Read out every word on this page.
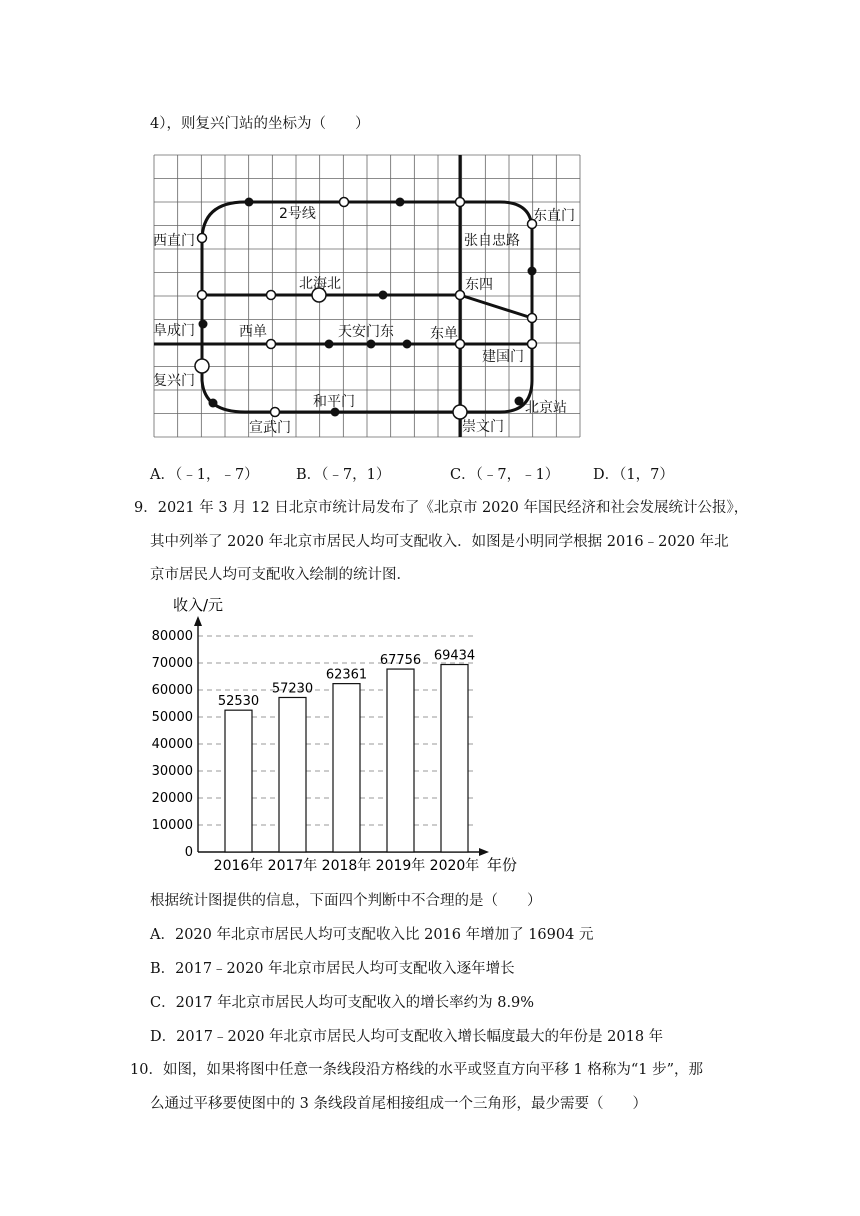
4），则复兴门站的坐标为（　　）
2号线
西直门
阜成门
复兴门
宣武门
和平门
西单
北海北
天安门东	东单
东四
张自忠路
东直门
建国门
北京站
崇文门
A．（﹣1，﹣7）	B．（﹣7，1）	C．（﹣7，﹣1） D．（1，7）
9．2021 年 3 月 12 日北京市统计局发布了《北京市 2020 年国民经济和社会发展统计公报》，
其中列举了 2020 年北京市居民人均可支配收入．如图是小明同学根据 2016﹣2020 年北
京市居民人均可支配收入绘制的统计图．
收入/元
年份
0
10000
20000
30000
40000
50000
60000
70000
80000
52530
2016年
57230
2017年
62361
2018年
67756
2019年
69434
2020年
根据统计图提供的信息，下面四个判断中不合理的是（　　）
A．2020 年北京市居民人均可支配收入比 2016 年增加了 16904 元
B．2017﹣2020 年北京市居民人均可支配收入逐年增长
C．2017 年北京市居民人均可支配收入的增长率约为 8.9%
D．2017﹣2020 年北京市居民人均可支配收入增长幅度最大的年份是 2018 年
10．如图，如果将图中任意一条线段沿方格线的水平或竖直方向平移 1 格称为“1 步”，那
么通过平移要使图中的 3 条线段首尾相接组成一个三角形，最少需要（　　）
